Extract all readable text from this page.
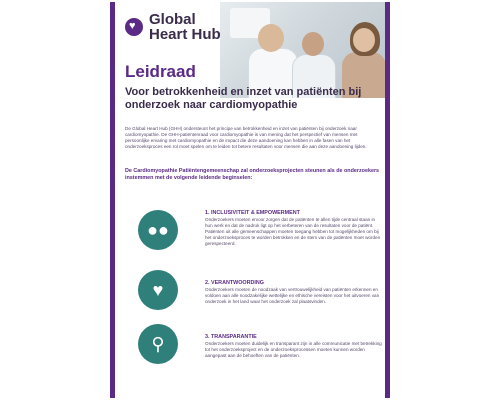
♥
Global
Heart Hub
Leidraad
Voor betrokkenheid en inzet van patiënten bij onderzoek naar cardiomyopathie
De Global Heart Hub (GHH) ondersteunt het principe van betrokkenheid en inzet van patiënten bij onderzoek naar cardiomyopathie. De GHH-patiëntenraad voor cardiomyopathie is van mening dat het perspectief van mensen met persoonlijke ervaring met cardiomyopathie en de impact die deze aandoening kan hebben in alle fasen van het onderzoeksproces een rol moet spelen om te leiden tot betere resultaten voor mensen die aan deze aandoening lijden.
De Cardiomyopathie Patiëntengemeenschap zal onderzoeksprojecten steunen als de onderzoekers instemmen met de volgende leidende beginselen:
●●
1. INCLUSIVITEIT & EMPOWERMENT
Onderzoekers moeten ervoor zorgen dat de patiënten te allen tijde centraal staan in hun werk en dat de nadruk ligt op het verbeteren van de resultaten voor de patiënt. Patiënten uit alle gemeenschappen moeten toegang hebben tot mogelijkheden om bij het onderzoeksproces te worden betrokken en de stem van de patiënten moet worden gerespecteerd.
♥	2. VERANTWOORDING
Onderzoekers moeten de noodzaak van vertrouwelijkheid van patiënten erkennen en voldoen aan alle noodzakelijke wettelijke en ethische vereisten voor het uitvoeren van onderzoek in het land waar het onderzoek zal plaatsvinden.
⚲	3. TRANSPARANTIE
Onderzoekers moeten duidelijk en transparant zijn in alle communicatie met betrekking tot het onderzoeksproject en de onderzoeksprocessen moeten kunnen worden aangepast aan de behoeften van de patiënten.
